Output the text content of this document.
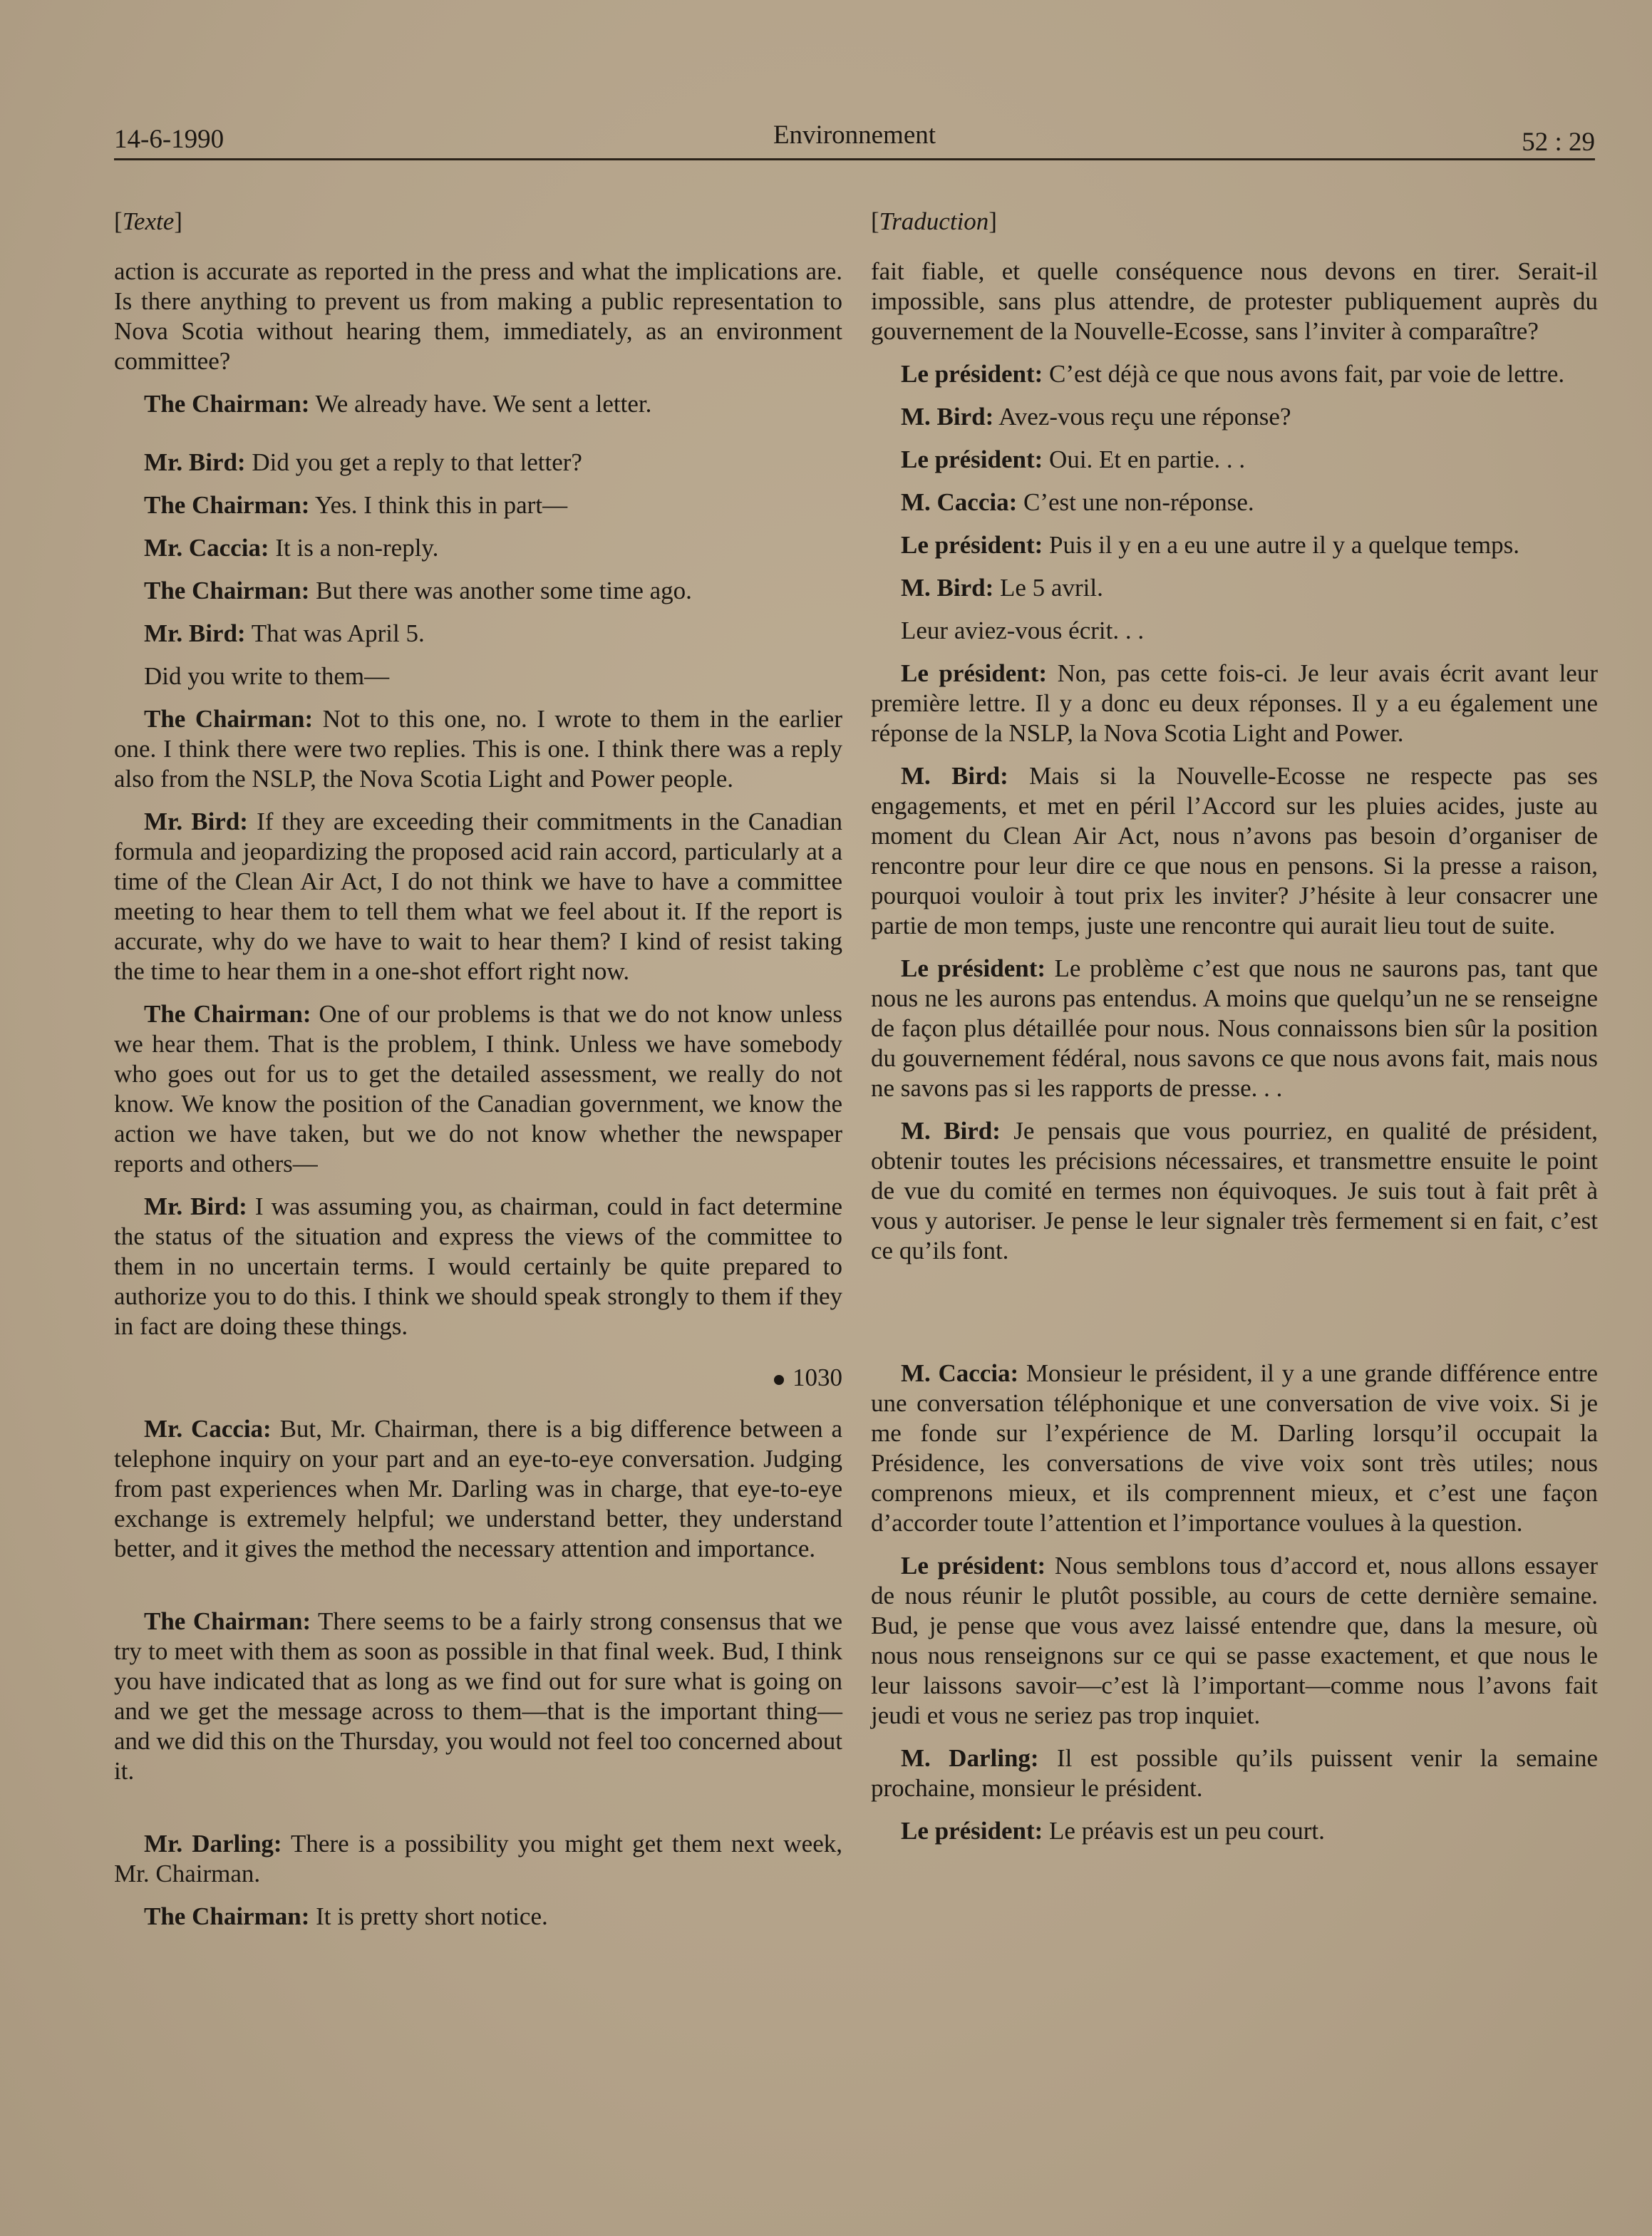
14-6-1990	Environnement	52 : 29
[Texte]

action is accurate as reported in the press and what the implications are. Is there anything to prevent us from making a public representation to Nova Scotia without hearing them, immediately, as an environment committee?

The Chairman: We already have. We sent a letter.

Mr. Bird: Did you get a reply to that letter?

The Chairman: Yes. I think this in part—

Mr. Caccia: It is a non-reply.

The Chairman: But there was another some time ago.

Mr. Bird: That was April 5.

Did you write to them—

The Chairman: Not to this one, no. I wrote to them in the earlier one. I think there were two replies. This is one. I think there was a reply also from the NSLP, the Nova Scotia Light and Power people.

Mr. Bird: If they are exceeding their commitments in the Canadian formula and jeopardizing the proposed acid rain accord, particularly at a time of the Clean Air Act, I do not think we have to have a committee meeting to hear them to tell them what we feel about it. If the report is accurate, why do we have to wait to hear them? I kind of resist taking the time to hear them in a one-shot effort right now.

The Chairman: One of our problems is that we do not know unless we hear them. That is the problem, I think. Unless we have somebody who goes out for us to get the detailed assessment, we really do not know. We know the position of the Canadian government, we know the action we have taken, but we do not know whether the newspaper reports and others—

Mr. Bird: I was assuming you, as chairman, could in fact determine the status of the situation and express the views of the committee to them in no uncertain terms. I would certainly be quite prepared to authorize you to do this. I think we should speak strongly to them if they in fact are doing these things.

1030

Mr. Caccia: But, Mr. Chairman, there is a big difference between a telephone inquiry on your part and an eye-to-eye conversation. Judging from past experiences when Mr. Darling was in charge, that eye-to-eye exchange is extremely helpful; we understand better, they understand better, and it gives the method the necessary attention and importance.

The Chairman: There seems to be a fairly strong consensus that we try to meet with them as soon as possible in that final week. Bud, I think you have indicated that as long as we find out for sure what is going on and we get the message across to them—that is the important thing—and we did this on the Thursday, you would not feel too concerned about it.

Mr. Darling: There is a possibility you might get them next week, Mr. Chairman.

The Chairman: It is pretty short notice.

[Traduction]

fait fiable, et quelle conséquence nous devons en tirer. Serait-il impossible, sans plus attendre, de protester publiquement auprès du gouvernement de la Nouvelle-Ecosse, sans l’inviter à comparaître?

Le président: C’est déjà ce que nous avons fait, par voie de lettre.

M. Bird: Avez-vous reçu une réponse?

Le président: Oui. Et en partie. . .

M. Caccia: C’est une non-réponse.

Le président: Puis il y en a eu une autre il y a quelque temps.

M. Bird: Le 5 avril.

Leur aviez-vous écrit. . .

Le président: Non, pas cette fois-ci. Je leur avais écrit avant leur première lettre. Il y a donc eu deux réponses. Il y a eu également une réponse de la NSLP, la Nova Scotia Light and Power.

M. Bird: Mais si la Nouvelle-Ecosse ne respecte pas ses engagements, et met en péril l’Accord sur les pluies acides, juste au moment du Clean Air Act, nous n’avons pas besoin d’organiser de rencontre pour leur dire ce que nous en pensons. Si la presse a raison, pourquoi vouloir à tout prix les inviter? J’hésite à leur consacrer une partie de mon temps, juste une rencontre qui aurait lieu tout de suite.

Le président: Le problème c’est que nous ne saurons pas, tant que nous ne les aurons pas entendus. A moins que quelqu’un ne se renseigne de façon plus détaillée pour nous. Nous connaissons bien sûr la position du gouvernement fédéral, nous savons ce que nous avons fait, mais nous ne savons pas si les rapports de presse. . .

M. Bird: Je pensais que vous pourriez, en qualité de président, obtenir toutes les précisions nécessaires, et transmettre ensuite le point de vue du comité en termes non équivoques. Je suis tout à fait prêt à vous y autoriser. Je pense le leur signaler très fermement si en fait, c’est ce qu’ils font.

M. Caccia: Monsieur le président, il y a une grande différence entre une conversation téléphonique et une conversation de vive voix. Si je me fonde sur l’expérience de M. Darling lorsqu’il occupait la Présidence, les conversations de vive voix sont très utiles; nous comprenons mieux, et ils comprennent mieux, et c’est une façon d’accorder toute l’attention et l’importance voulues à la question.

Le président: Nous semblons tous d’accord et, nous allons essayer de nous réunir le plutôt possible, au cours de cette dernière semaine. Bud, je pense que vous avez laissé entendre que, dans la mesure, où nous nous renseignons sur ce qui se passe exactement, et que nous le leur laissons savoir—c’est là l’important—comme nous l’avons fait jeudi et vous ne seriez pas trop inquiet.

M. Darling: Il est possible qu’ils puissent venir la semaine prochaine, monsieur le président.

Le président: Le préavis est un peu court.
